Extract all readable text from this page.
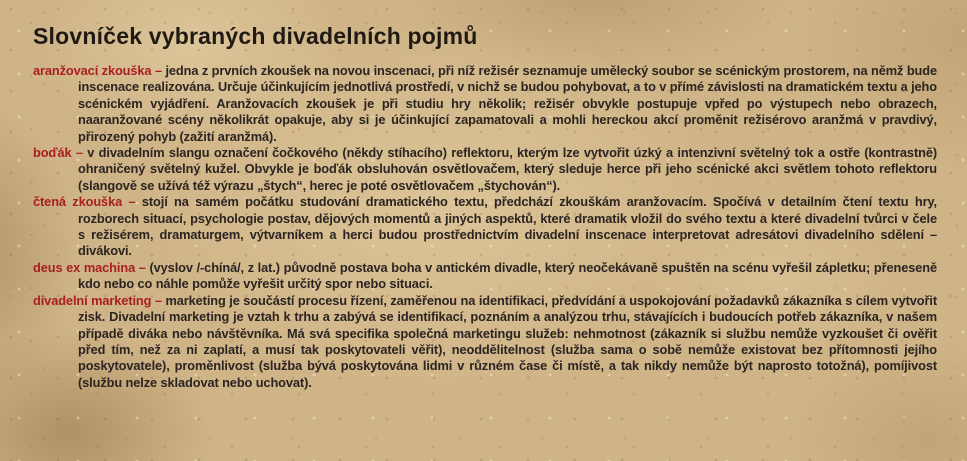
Slovníček vybraných divadelních pojmů

aranžovací zkouška – jedna z prvních zkoušek na novou inscenaci, při níž režisér seznamuje umělecký soubor se scénickým prostorem, na němž bude inscenace realizována. Určuje účinkujícím jednotlivá prostředí, v nichž se budou pohybovat, a to v přímé závislosti na dramatickém textu a jeho scénickém vyjádření. Aranžovacích zkoušek je při studiu hry několik; režisér obvykle postupuje vpřed po výstupech nebo obrazech, naaranžované scény několikrát opakuje, aby si je účinkující zapamatovali a mohli hereckou akcí proměnit režisérovo aranžmá v pravdivý, přirozený pohyb (zažití aranžmá).

boďák – v divadelním slangu označení čočkového (někdy stíhacího) reflektoru, kterým lze vytvořit úzký a intenzivní světelný tok a ostře (kontrastně) ohraničený světelný kužel. Obvykle je boďák obsluhován osvětlovačem, který sleduje herce při jeho scénické akci světlem tohoto reflektoru (slangově se užívá též výrazu „štych“, herec je poté osvětlovačem „štychován“).

čtená zkouška – stojí na samém počátku studování dramatického textu, předchází zkouškám aranžovacím. Spočívá v detailním čtení textu hry, rozborech situací, psychologie postav, dějových momentů a jiných aspektů, které dramatik vložil do svého textu a které divadelní tvůrci v čele s režisérem, dramaturgem, výtvarníkem a herci budou prostřednictvím divadelní inscenace interpretovat adresátovi divadelního sdělení – divákovi.

deus ex machina – (vyslov /-chíná/, z lat.) původně postava boha v antickém divadle, který neočekávaně spuštěn na scénu vyřešil zápletku; přeneseně kdo nebo co náhle pomůže vyřešit určitý spor nebo situaci.

divadelní marketing – marketing je součástí procesu řízení, zaměřenou na identifikaci, předvídání a uspokojování požadavků zákazníka s cílem vytvořit zisk. Divadelní marketing je vztah k trhu a zabývá se identifikací, poznáním a analýzou trhu, stávajících i budoucích potřeb zákazníka, v našem případě diváka nebo návštěvníka. Má svá specifika společná marketingu služeb: nehmotnost (zákazník si službu nemůže vyzkoušet či ověřit před tím, než za ni zaplatí, a musí tak poskytovateli věřit), neoddělitelnost (služba sama o sobě nemůže existovat bez přítomnosti jejího poskytovatele), proměnlivost (služba bývá poskytována lidmi v různém čase či místě, a tak nikdy nemůže být naprosto totožná), pomíjivost (službu nelze skladovat nebo uchovat).
